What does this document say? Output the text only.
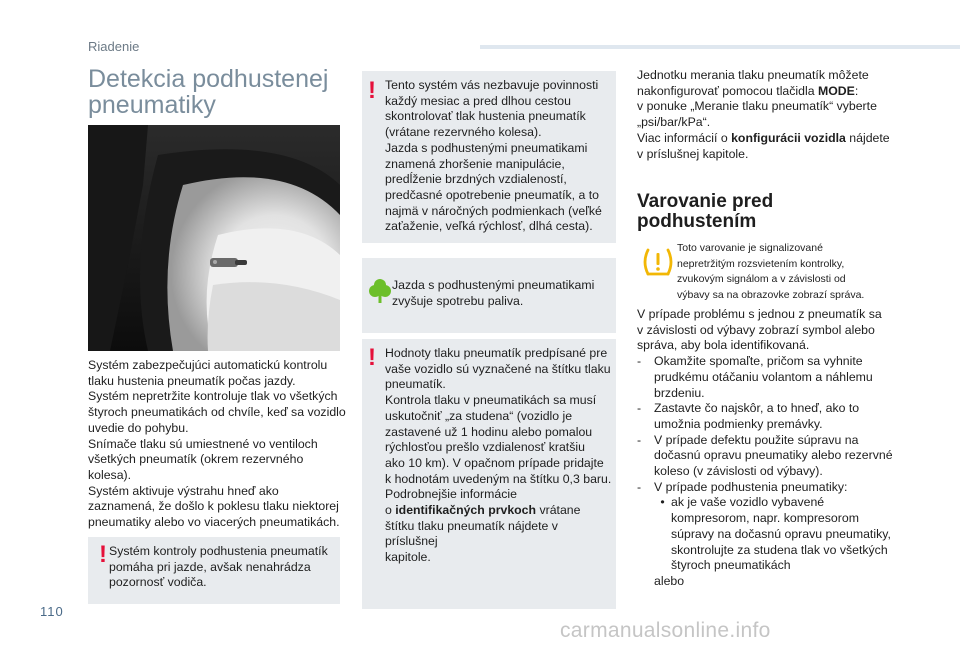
Riadenie
Detekcia podhustenej
pneumatiky

Systém zabezpečujúci automatickú kontrolu

tlaku hustenia pneumatík počas jazdy.

Systém nepretržite kontroluje tlak vo všetkých

štyroch pneumatikách od chvíle, keď sa vozidlo

uvedie do pohybu.

Snímače tlaku sú umiestnené vo ventiloch

všetkých pneumatík (okrem rezervného

kolesa).

Systém aktivuje výstrahu hneď ako

zaznamená, že došlo k poklesu tlaku niektorej

pneumatiky alebo vo viacerých pneumatikách.

! Systém kontroly podhustenia pneumatík

pomáha pri jazde, avšak nenahrádza

pozornosť vodiča.

! Tento systém vás nezbavuje povinnosti

každý mesiac a pred dlhou cestou

skontrolovať tlak hustenia pneumatík

(vrátane rezervného kolesa).

Jazda s podhustenými pneumatikami

znamená zhoršenie manipulácie,

predĺženie brzdných vzdialeností,

predčasné opotrebenie pneumatík, a to

najmä v náročných podmienkach (veľké

zaťaženie, veľká rýchlosť, dlhá cesta).

Jazda s podhustenými pneumatikami

zvyšuje spotrebu paliva.

! Hodnoty tlaku pneumatík predpísané pre

vaše vozidlo sú vyznačené na štítku tlaku

pneumatík.

Kontrola tlaku v pneumatikách sa musí

uskutočniť „za studena“ (vozidlo je

zastavené už 1 hodinu alebo pomalou

rýchlosťou prešlo vzdialenosť kratšiu

ako 10 km). V opačnom prípade pridajte

k hodnotám uvedeným na štítku 0,3 baru.

Podrobnejšie informácie

o identifikačných prvkoch vrátane

štítku tlaku pneumatík nájdete v príslušnej

kapitole.

Jednotku merania tlaku pneumatík môžete

nakonfigurovať pomocou tlačidla MODE:

v ponuke „Meranie tlaku pneumatík“ vyberte

„psi/bar/kPa“.

Viac informácií o konfigurácii vozidla nájdete

v príslušnej kapitole.

Varovanie pred
podhustením

Toto varovanie je signalizované

nepretržitým rozsvietením kontrolky,

zvukovým signálom a v závislosti od

výbavy sa na obrazovke zobrazí správa.

V prípade problému s jednou z pneumatík sa

v závislosti od výbavy zobrazí symbol alebo

správa, aby bola identifikovaná.

-	Okamžite spomaľte, pričom sa vyhnite prudkému otáčaniu volantom a náhlemu brzdeniu.
-	Zastavte čo najskôr, a to hneď, ako to umožnia podmienky premávky.
-	V prípade defektu použite súpravu na dočasnú opravu pneumatiky alebo rezervné koleso (v závislosti od výbavy).
-	V prípade podhustenia pneumatiky:
• ak je vaše vozidlo vybavené kompresorom, napr. kompresorom súpravy na dočasnú opravu pneumatiky, skontrolujte za studena tlak vo všetkých štyroch pneumatikách

alebo

110
carmanualsonline.info
